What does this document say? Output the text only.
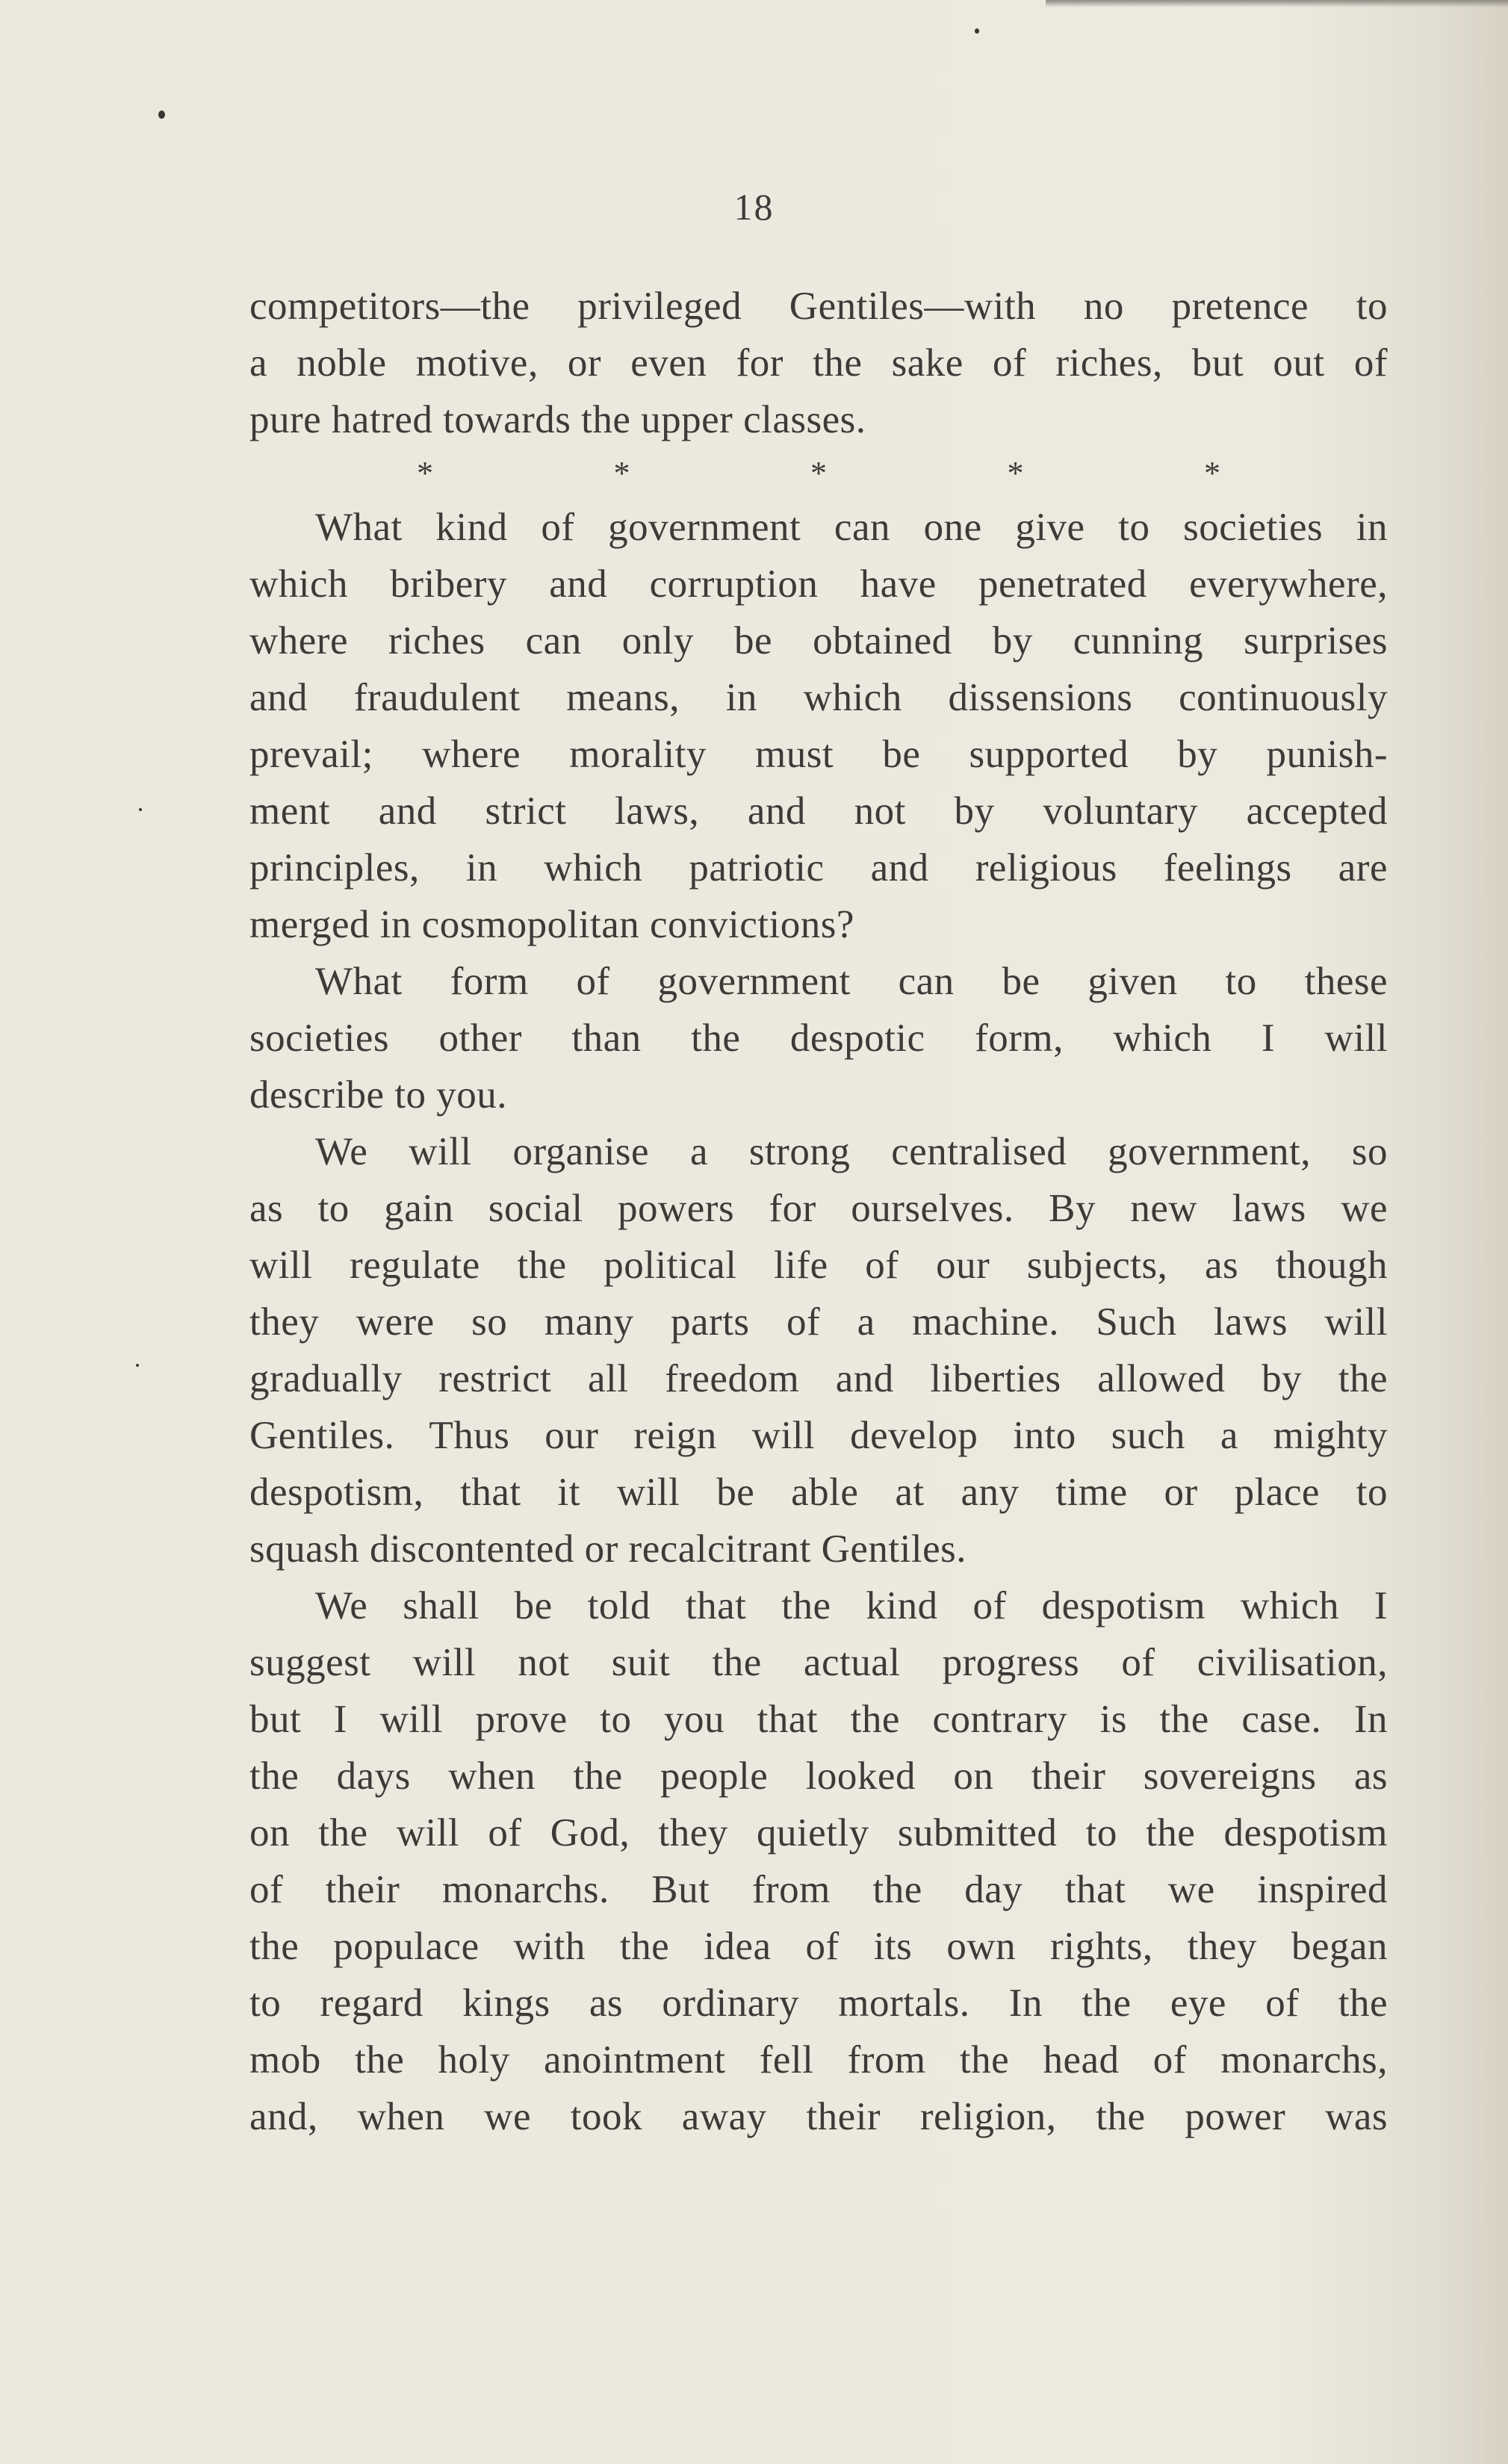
18
competitors—the privileged Gentiles—with no pretence to
a noble motive, or even for the sake of riches, but out of
pure hatred towards the upper classes.
*	*	*	*	*
What kind of government can one give to societies in
which bribery and corruption have penetrated everywhere,
where riches can only be obtained by cunning surprises
and fraudulent means, in which dissensions continuously
prevail; where morality must be supported by punish-
ment and strict laws, and not by voluntary accepted
principles, in which patriotic and religious feelings are
merged in cosmopolitan convictions?
What form of government can be given to these
societies other than the despotic form, which I will
describe to you.
We will organise a strong centralised government, so
as to gain social powers for ourselves. By new laws we
will regulate the political life of our subjects, as though
they were so many parts of a machine. Such laws will
gradually restrict all freedom and liberties allowed by the
Gentiles. Thus our reign will develop into such a mighty
despotism, that it will be able at any time or place to
squash discontented or recalcitrant Gentiles.
We shall be told that the kind of despotism which I
suggest will not suit the actual progress of civilisation,
but I will prove to you that the contrary is the case. In
the days when the people looked on their sovereigns as
on the will of God, they quietly submitted to the despotism
of their monarchs. But from the day that we inspired
the populace with the idea of its own rights, they began
to regard kings as ordinary mortals. In the eye of the
mob the holy anointment fell from the head of monarchs,
and, when we took away their religion, the power was
